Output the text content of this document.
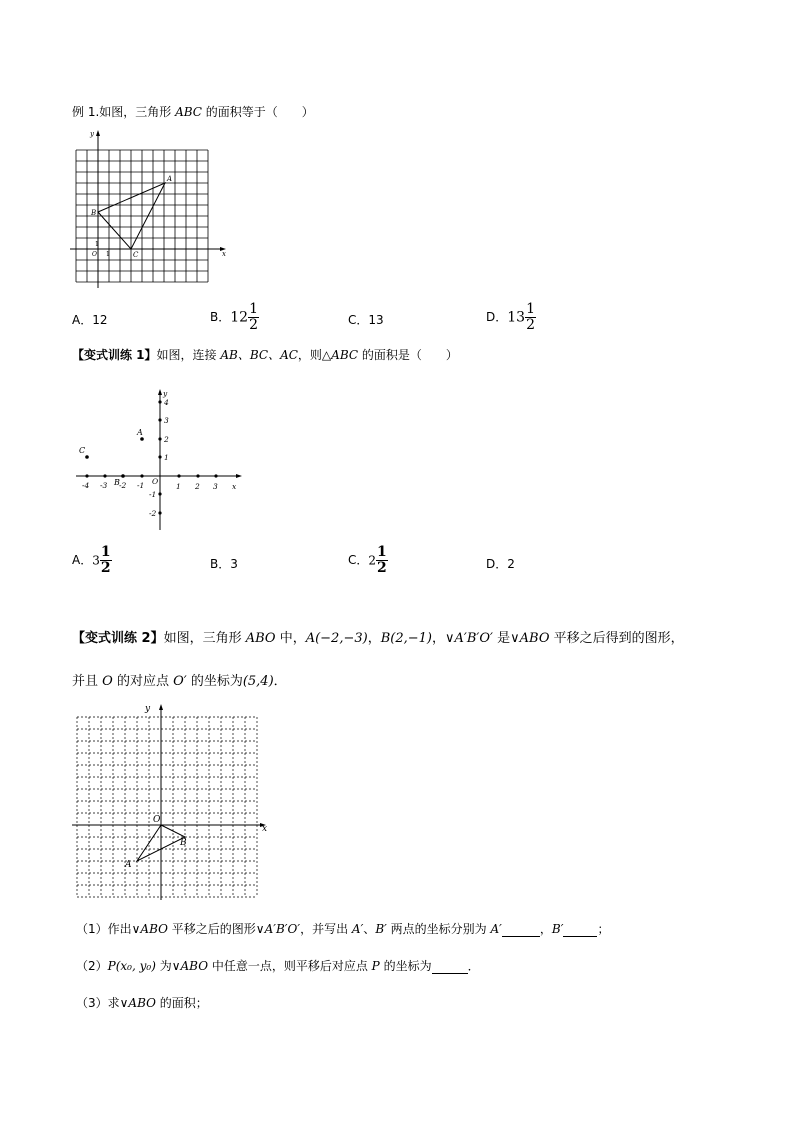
例 1.如图，三角形 ABC 的面积等于（　　）
y
x
O
1
1
A
B
C
A．12	B．$12 \frac{1}{2}$	C．13	D．$13 \frac{1}{2}$
【变式训练 1】如图，连接 AB、BC、AC，则△ABC 的面积是（　　）
-4 -3 -2 -1	1 2 3
4
3
2
1
-1
-2
O
x
y
A
B
C
A．$3 \frac{1}{2}$	B．3	C．$2 \frac{1}{2}$	D．2
【变式训练 2】如图，三角形 ABO 中，A(−2,−3)，B(2,−1)，∨A′B′O′ 是∨ABO 平移之后得到的图形，
并且 O 的对应点 O′ 的坐标为(5,4)．
x
y
O
B
A
（1）作出∨ABO 平移之后的图形∨A′B′O′，并写出 A′、B′ 两点的坐标分别为 A′	，B′	；
（2）P(x₀, y₀) 为∨ABO 中任意一点，则平移后对应点 P 的坐标为	．
（3）求∨ABO 的面积；
